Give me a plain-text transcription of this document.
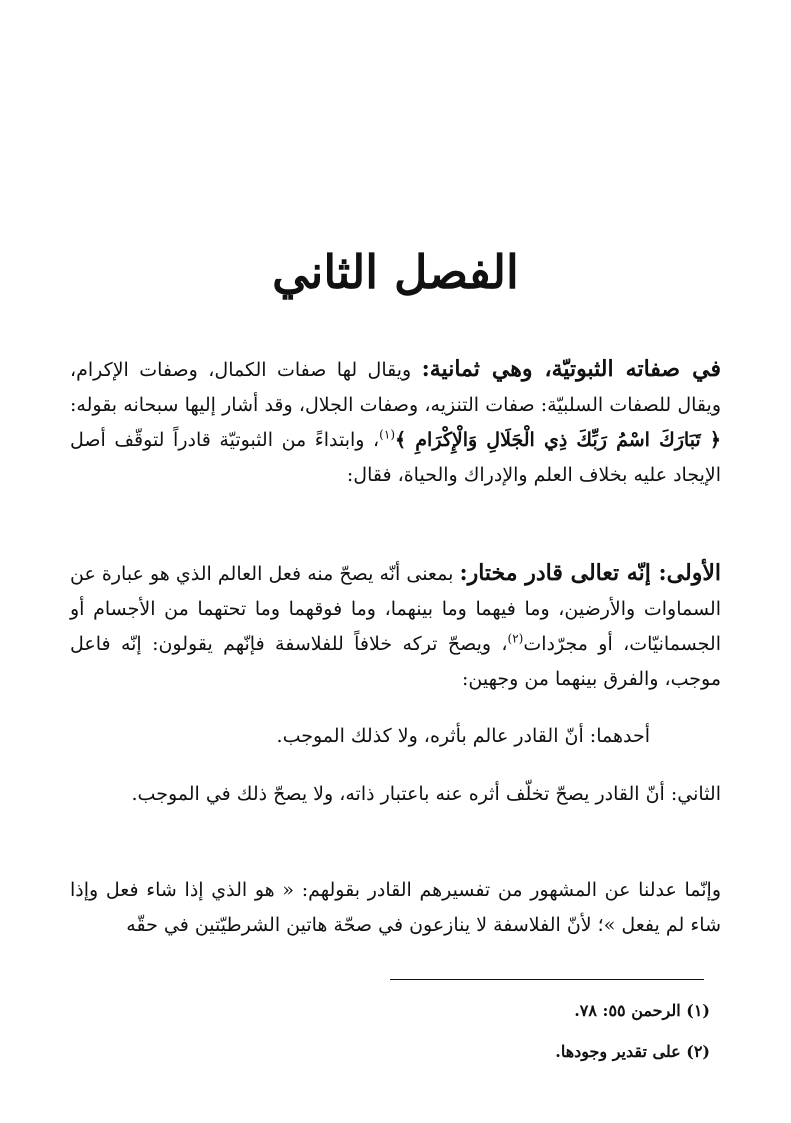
الفصل الثاني
في صفاته الثبوتيّة، وهي ثمانية: ويقال لها صفات الكمال، وصفات الإكرام، ويقال للصفات السلبيّة: صفات التنزيه، وصفات الجلال، وقد أشار إليها سبحانه بقوله: ﴿ تَبَارَكَ اسْمُ رَبِّكَ ذِي الْجَلَالِ وَالْإِكْرَامِ ﴾$^{(١)}$، وابتداءً من الثبوتيّة قادراً لتوقّف أصل الإيجاد عليه بخلاف العلم والإدراك والحياة، فقال:
الأولى: إنّه تعالى قادر مختار: بمعنى أنّه يصحّ منه فعل العالم الذي هو عبارة عن السماوات والأرضين، وما فيهما وما بينهما، وما فوقهما وما تحتهما من الأجسام أو الجسمانيّات، أو مجرّدات$^{(٢)}$، ويصحّ تركه خلافاً للفلاسفة فإنّهم يقولون: إنّه فاعل موجب، والفرق بينهما من وجهين:
أحدهما: أنّ القادر عالم بأثره، ولا كذلك الموجب.
الثاني: أنّ القادر يصحّ تخلّف أثره عنه باعتبار ذاته، ولا يصحّ ذلك في الموجب.
وإنّما عدلنا عن المشهور من تفسيرهم القادر بقولهم: « هو الذي إذا شاء فعل وإذا شاء لم يفعل »؛ لأنّ الفلاسفة لا ينازعون في صحّة هاتين الشرطيّتين في حقّه
(١) الرحمن ٥٥: ٧٨.
(٢) على تقدير وجودها.
